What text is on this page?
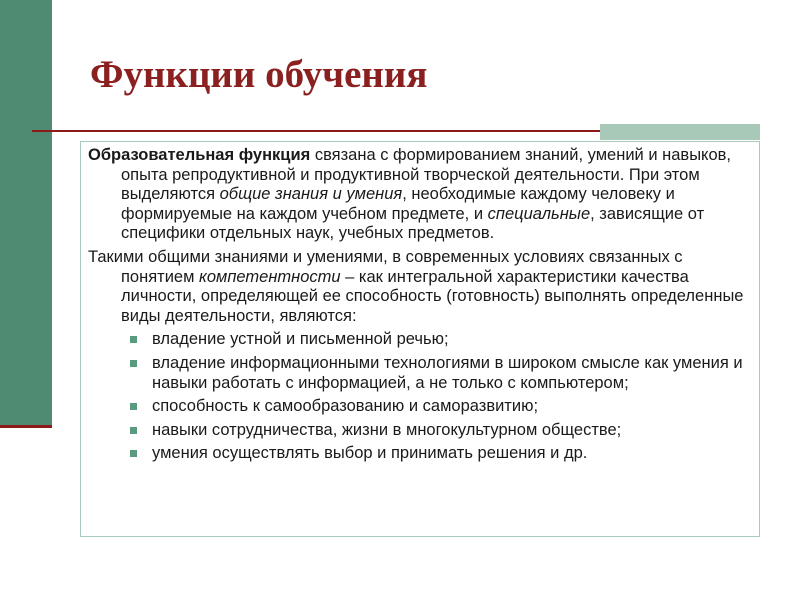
Функции обучения

Образовательная функция связана с формированием знаний, умений и навыков, опыта репродуктивной и продуктивной творческой деятельности. При этом выделяются общие знания и умения, необходимые каждому человеку и формируемые на каждом учебном предмете, и специальные, зависящие от специфики отдельных наук, учебных предметов.

Такими общими знаниями и умениями, в современных условиях связанных с понятием компетентности – как интегральной характеристики качества личности, определяющей ее способность (готовность) выполнять определенные виды деятельности, являются:

владение устной и письменной речью;
владение информационными технологиями в широком смысле как умения и навыки работать с информацией, а не только с компьютером;
способность к самообразованию и саморазвитию;
навыки сотрудничества, жизни в многокультурном обществе;
умения осуществлять выбор и принимать решения и др.
